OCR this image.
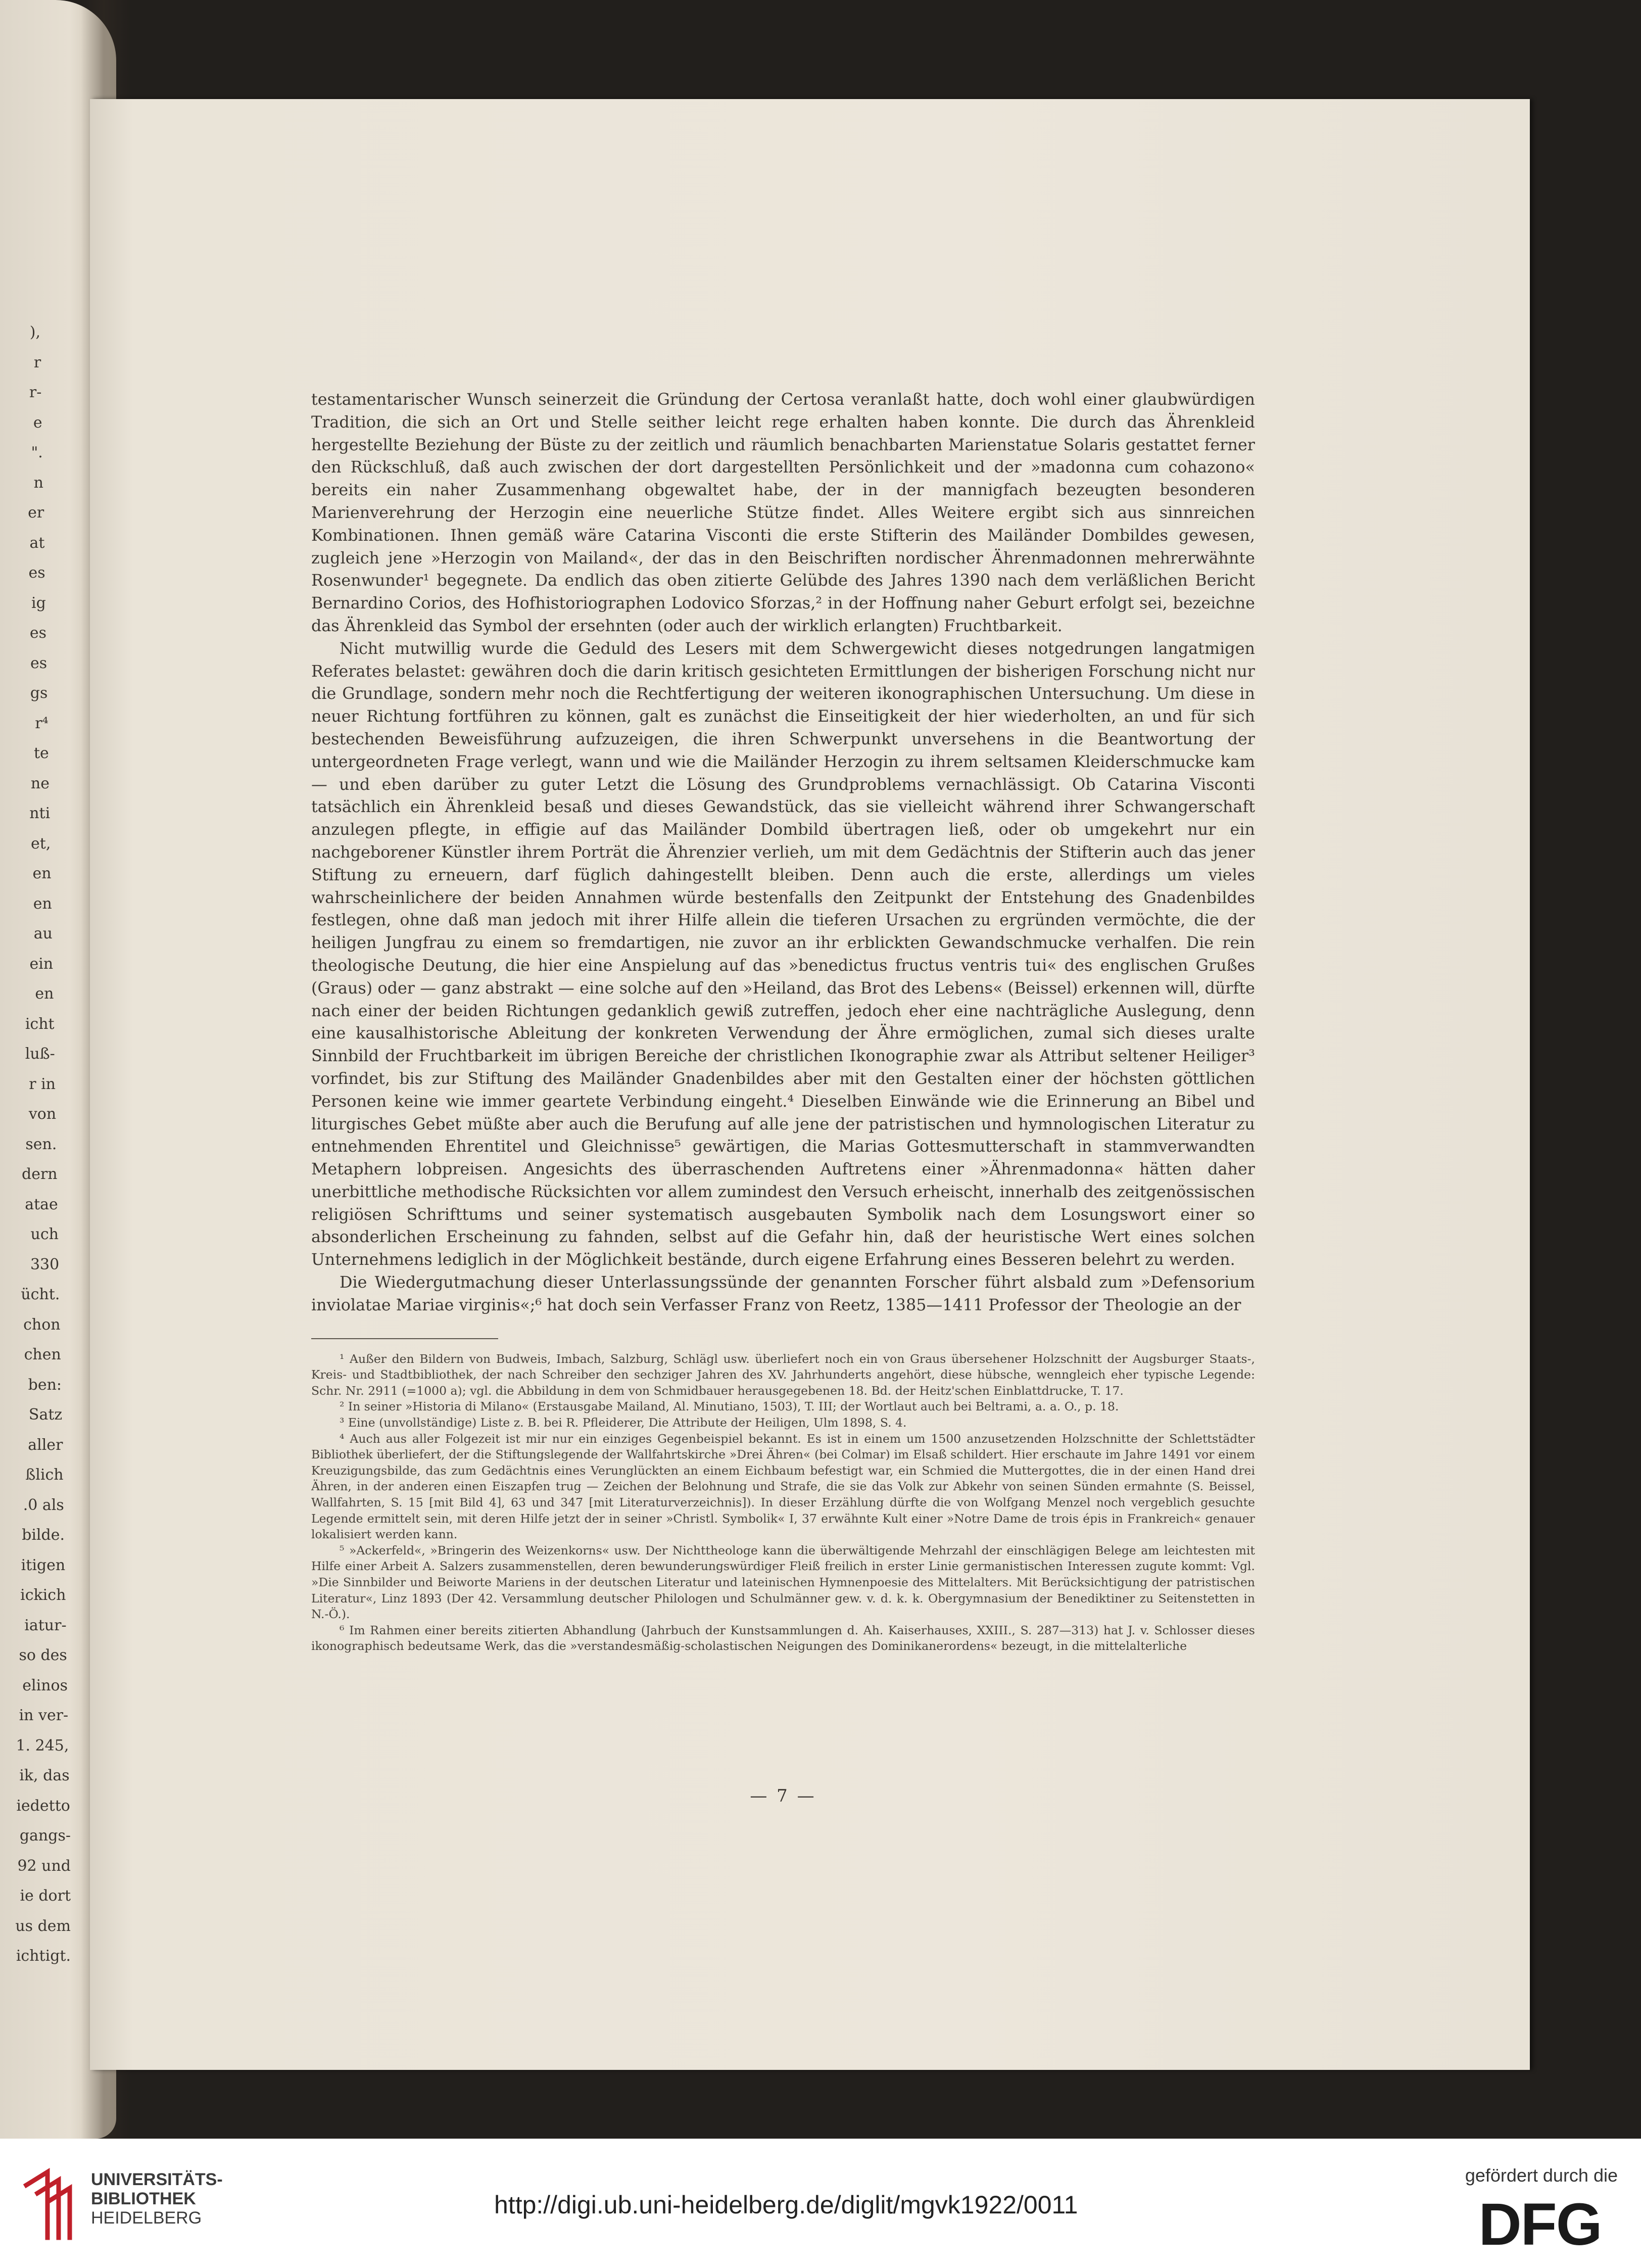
),
r
r-
e
".
n
er
at
es
ig
es
es
gs
r⁴
te
ne
nti
et,
en
en
au
ein
en
icht
luß-
r in
von
sen.
dern
atae
uch
330
ücht.
chon
chen
ben:
Satz
aller
ßlich
.0 als
bilde.
itigen
ickich
iatur-
so des
elinos
in ver-
1. 245,
ik, das
iedetto
gangs-
92 und
ie dort
us dem
ichtigt.

testamentarischer Wunsch seinerzeit die Gründung der Certosa veranlaßt hatte, doch wohl einer glaubwürdigen Tradition, die sich an Ort und Stelle seither leicht rege erhalten haben konnte. Die durch das Ährenkleid hergestellte Beziehung der Büste zu der zeitlich und räumlich benachbarten Marienstatue Solaris gestattet ferner den Rückschluß, daß auch zwischen der dort dargestellten Persönlichkeit und der »madonna cum cohazono« bereits ein naher Zusammenhang obgewaltet habe, der in der mannigfach bezeugten besonderen Marienverehrung der Herzogin eine neuerliche Stütze findet. Alles Weitere ergibt sich aus sinnreichen Kombinationen. Ihnen gemäß wäre Catarina Visconti die erste Stifterin des Mailänder Dombildes gewesen, zugleich jene »Herzogin von Mailand«, der das in den Beischriften nordischer Ährenmadonnen mehrerwähnte Rosenwunder¹ begegnete. Da endlich das oben zitierte Gelübde des Jahres 1390 nach dem verläßlichen Bericht Bernardino Corios, des Hofhistoriographen Lodovico Sforzas,² in der Hoffnung naher Geburt erfolgt sei, bezeichne das Ährenkleid das Symbol der ersehnten (oder auch der wirklich erlangten) Fruchtbarkeit.

Nicht mutwillig wurde die Geduld des Lesers mit dem Schwergewicht dieses notgedrungen langatmigen Referates belastet: gewähren doch die darin kritisch gesichteten Ermittlungen der bisherigen Forschung nicht nur die Grundlage, sondern mehr noch die Rechtfertigung der weiteren ikonographischen Untersuchung. Um diese in neuer Richtung fortführen zu können, galt es zunächst die Einseitigkeit der hier wiederholten, an und für sich bestechenden Beweisführung aufzuzeigen, die ihren Schwerpunkt unversehens in die Beantwortung der untergeordneten Frage verlegt, wann und wie die Mailänder Herzogin zu ihrem seltsamen Kleiderschmucke kam — und eben darüber zu guter Letzt die Lösung des Grundproblems vernachlässigt. Ob Catarina Visconti tatsächlich ein Ährenkleid besaß und dieses Gewandstück, das sie vielleicht während ihrer Schwangerschaft anzulegen pflegte, in effigie auf das Mailänder Dombild übertragen ließ, oder ob umgekehrt nur ein nachgeborener Künstler ihrem Porträt die Ährenzier verlieh, um mit dem Gedächtnis der Stifterin auch das jener Stiftung zu erneuern, darf füglich dahingestellt bleiben. Denn auch die erste, allerdings um vieles wahrscheinlichere der beiden Annahmen würde bestenfalls den Zeitpunkt der Entstehung des Gnadenbildes festlegen, ohne daß man jedoch mit ihrer Hilfe allein die tieferen Ursachen zu ergründen vermöchte, die der heiligen Jungfrau zu einem so fremdartigen, nie zuvor an ihr erblickten Gewandschmucke verhalfen. Die rein theologische Deutung, die hier eine Anspielung auf das »benedictus fructus ventris tui« des englischen Grußes (Graus) oder — ganz abstrakt — eine solche auf den »Heiland, das Brot des Lebens« (Beissel) erkennen will, dürfte nach einer der beiden Richtungen gedanklich gewiß zutreffen, jedoch eher eine nachträgliche Auslegung, denn eine kausalhistorische Ableitung der konkreten Verwendung der Ähre ermöglichen, zumal sich dieses uralte Sinnbild der Fruchtbarkeit im übrigen Bereiche der christlichen Ikonographie zwar als Attribut seltener Heiliger³ vorfindet, bis zur Stiftung des Mailänder Gnadenbildes aber mit den Gestalten einer der höchsten göttlichen Personen keine wie immer geartete Verbindung eingeht.⁴ Dieselben Einwände wie die Erinnerung an Bibel und liturgisches Gebet müßte aber auch die Berufung auf alle jene der patristischen und hymnologischen Literatur zu entnehmenden Ehrentitel und Gleichnisse⁵ gewärtigen, die Marias Gottesmutterschaft in stammverwandten Metaphern lobpreisen. Angesichts des überraschenden Auftretens einer »Ährenmadonna« hätten daher unerbittliche methodische Rücksichten vor allem zumindest den Versuch erheischt, innerhalb des zeitgenössischen religiösen Schrifttums und seiner systematisch ausgebauten Symbolik nach dem Losungswort einer so absonderlichen Erscheinung zu fahnden, selbst auf die Gefahr hin, daß der heuristische Wert eines solchen Unternehmens lediglich in der Möglichkeit bestände, durch eigene Erfahrung eines Besseren belehrt zu werden.

Die Wiedergutmachung dieser Unterlassungssünde der genannten Forscher führt alsbald zum »Defensorium inviolatae Mariae virginis«;⁶ hat doch sein Verfasser Franz von Reetz, 1385—1411 Professor der Theologie an der

¹ Außer den Bildern von Budweis, Imbach, Salzburg, Schlägl usw. überliefert noch ein von Graus übersehener Holzschnitt der Augsburger Staats-, Kreis- und Stadtbibliothek, der nach Schreiber den sechziger Jahren des XV. Jahrhunderts angehört, diese hübsche, wenngleich eher typische Legende: Schr. Nr. 2911 (=1000 a); vgl. die Abbildung in dem von Schmidbauer herausgegebenen 18. Bd. der Heitz'schen Einblattdrucke, T. 17.

² In seiner »Historia di Milano« (Erstausgabe Mailand, Al. Minutiano, 1503), T. III; der Wortlaut auch bei Beltrami, a. a. O., p. 18.

³ Eine (unvollständige) Liste z. B. bei R. Pfleiderer, Die Attribute der Heiligen, Ulm 1898, S. 4.

⁴ Auch aus aller Folgezeit ist mir nur ein einziges Gegenbeispiel bekannt. Es ist in einem um 1500 anzusetzenden Holzschnitte der Schlettstädter Bibliothek überliefert, der die Stiftungslegende der Wallfahrtskirche »Drei Ähren« (bei Colmar) im Elsaß schildert. Hier erschaute im Jahre 1491 vor einem Kreuzigungsbilde, das zum Gedächtnis eines Verunglückten an einem Eichbaum befestigt war, ein Schmied die Muttergottes, die in der einen Hand drei Ähren, in der anderen einen Eiszapfen trug — Zeichen der Belohnung und Strafe, die sie das Volk zur Abkehr von seinen Sünden ermahnte (S. Beissel, Wallfahrten, S. 15 [mit Bild 4], 63 und 347 [mit Literaturverzeichnis]). In dieser Erzählung dürfte die von Wolfgang Menzel noch vergeblich gesuchte Legende ermittelt sein, mit deren Hilfe jetzt der in seiner »Christl. Symbolik« I, 37 erwähnte Kult einer »Notre Dame de trois épis in Frankreich« genauer lokalisiert werden kann.

⁵ »Ackerfeld«, »Bringerin des Weizenkorns« usw. Der Nichttheologe kann die überwältigende Mehrzahl der einschlägigen Belege am leichtesten mit Hilfe einer Arbeit A. Salzers zusammenstellen, deren bewunderungswürdiger Fleiß freilich in erster Linie germanistischen Interessen zugute kommt: Vgl. »Die Sinnbilder und Beiworte Mariens in der deutschen Literatur und lateinischen Hymnenpoesie des Mittelalters. Mit Berücksichtigung der patristischen Literatur«, Linz 1893 (Der 42. Versammlung deutscher Philologen und Schulmänner gew. v. d. k. k. Obergymnasium der Benediktiner zu Seitenstetten in N.-Ö.).

⁶ Im Rahmen einer bereits zitierten Abhandlung (Jahrbuch der Kunstsammlungen d. Ah. Kaiserhauses, XXIII., S. 287—313) hat J. v. Schlosser dieses ikonographisch bedeutsame Werk, das die »verstandesmäßig-scholastischen Neigungen des Dominikanerordens« bezeugt, in die mittelalterliche

— 7 —
UNIVERSITÄTS-
BIBLIOTHEK
HEIDELBERG	http://digi.ub.uni-heidelberg.de/diglit/mgvk1922/0011
gefördert durch die
DFG
